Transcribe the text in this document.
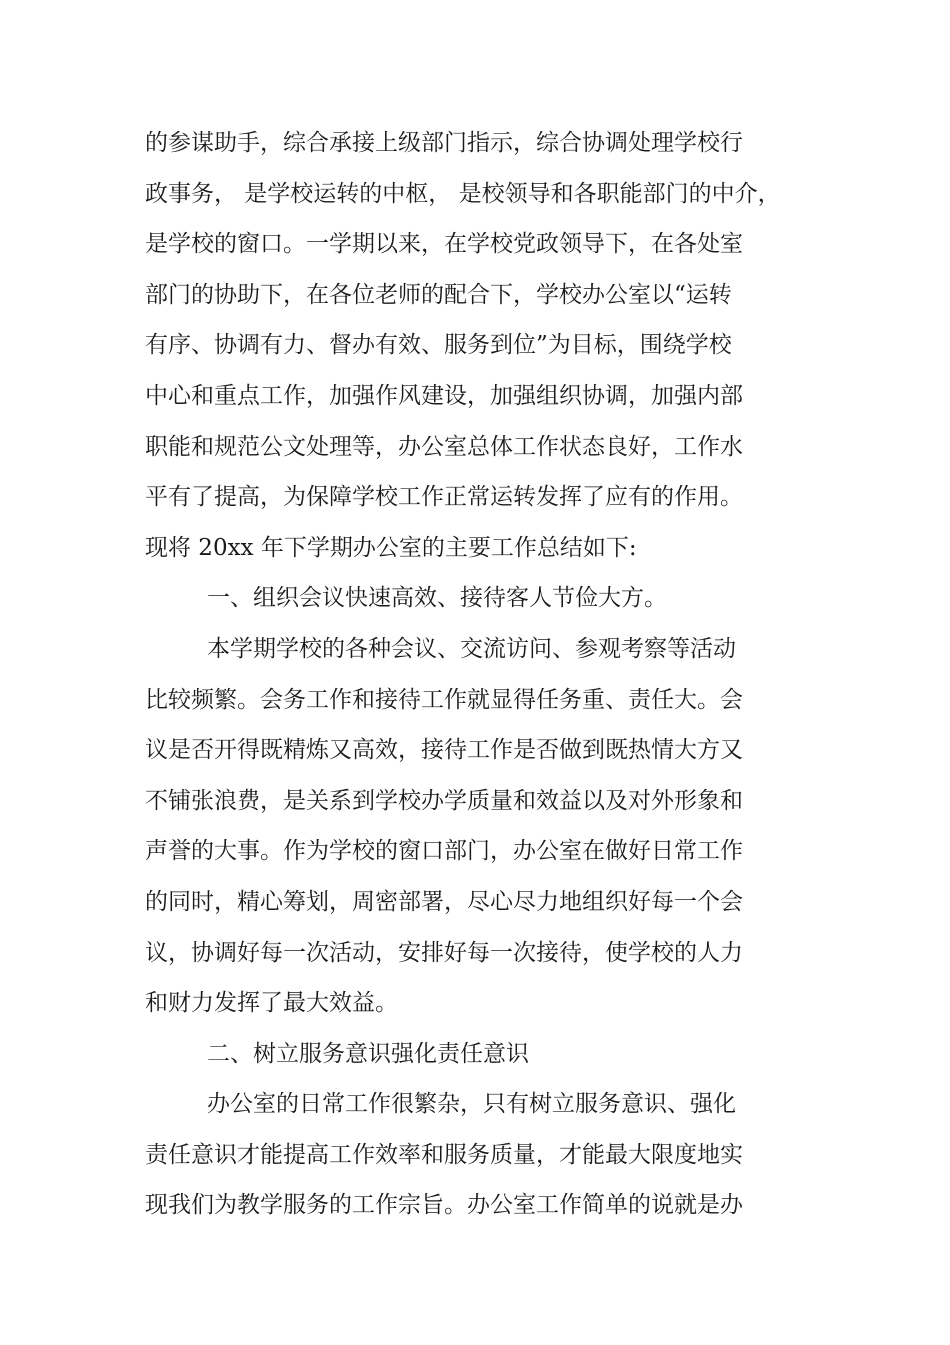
的参谋助手，综合承接上级部门指示，综合协调处理学校行
政事务， 是学校运转的中枢， 是校领导和各职能部门的中介，
是学校的窗口。一学期以来，在学校党政领导下，在各处室
部门的协助下，在各位老师的配合下，学校办公室以“运转
有序、协调有力、督办有效、服务到位”为目标，围绕学校
中心和重点工作，加强作风建设，加强组织协调，加强内部
职能和规范公文处理等，办公室总体工作状态良好，工作水
平有了提高，为保障学校工作正常运转发挥了应有的作用。
现将 20xx 年下学期办公室的主要工作总结如下:
一、组织会议快速高效、接待客人节俭大方。
本学期学校的各种会议、交流访问、参观考察等活动
比较频繁。会务工作和接待工作就显得任务重、责任大。会
议是否开得既精炼又高效，接待工作是否做到既热情大方又
不铺张浪费，是关系到学校办学质量和效益以及对外形象和
声誉的大事。作为学校的窗口部门，办公室在做好日常工作
的同时，精心筹划，周密部署，尽心尽力地组织好每一个会
议，协调好每一次活动，安排好每一次接待，使学校的人力
和财力发挥了最大效益。
二、树立服务意识强化责任意识
办公室的日常工作很繁杂，只有树立服务意识、强化
责任意识才能提高工作效率和服务质量，才能最大限度地实
现我们为教学服务的工作宗旨。办公室工作简单的说就是办
